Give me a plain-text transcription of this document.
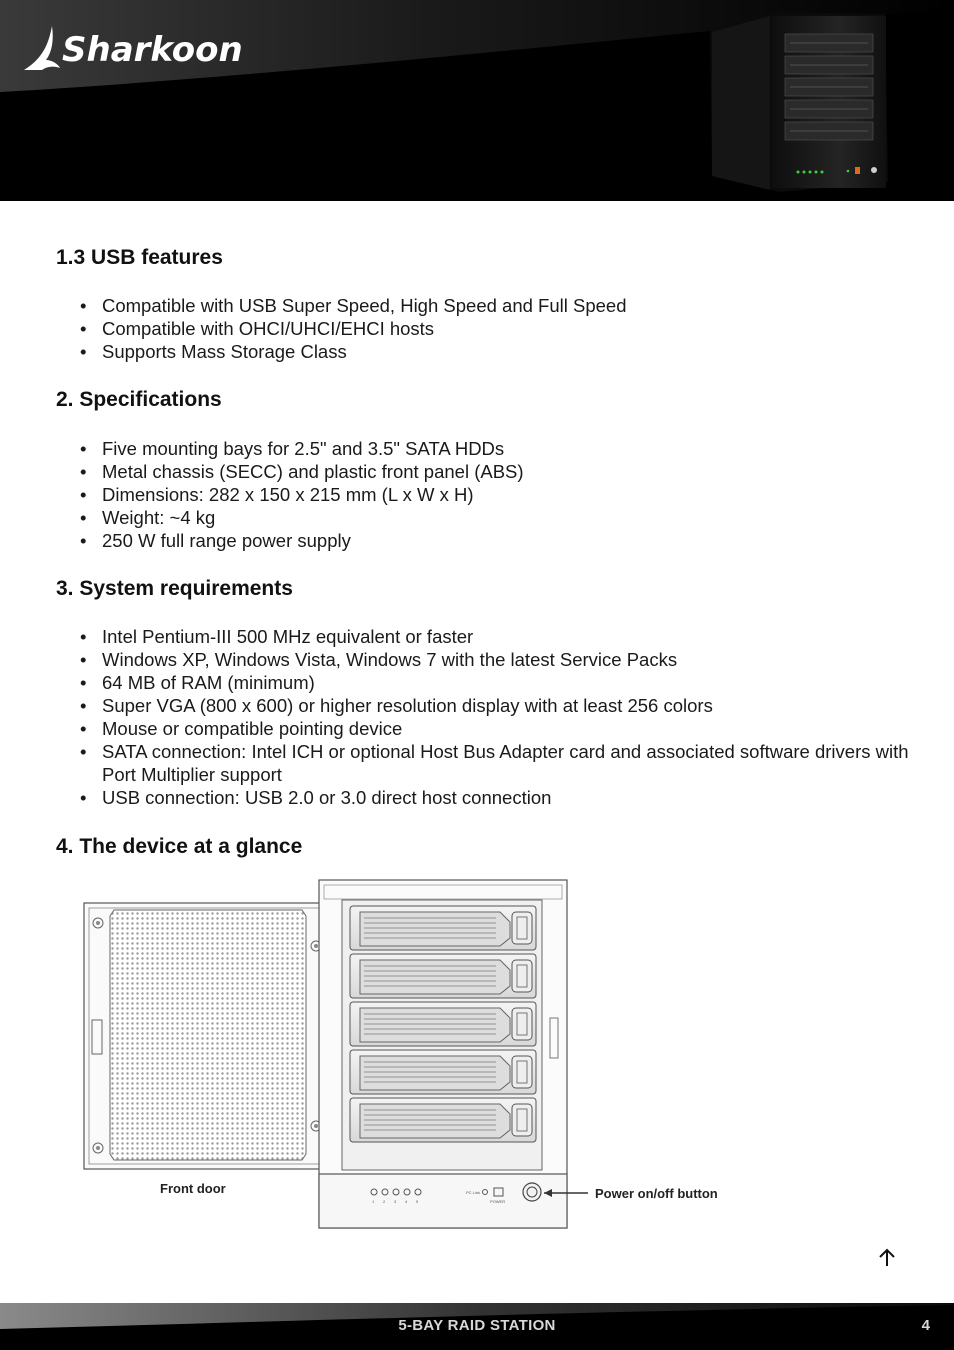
Sharkoon
1.3 USB features
• Compatible with USB Super Speed, High Speed and Full Speed
• Compatible with OHCI/UHCI/EHCI hosts
• Supports Mass Storage Class
2. Specifications
• Five mounting bays for 2.5" and 3.5" SATA HDDs
• Metal chassis (SECC) and plastic front panel (ABS)
• Dimensions: 282 x 150 x 215 mm (L x W x H)
• Weight: ~4 kg
• 250 W full range power supply
3. System requirements
• Intel Pentium-III 500 MHz equivalent or faster
• Windows XP, Windows Vista, Windows 7 with the latest Service Packs
• 64 MB of RAM (minimum)
• Super VGA (800 x 600) or higher resolution display with at least 256 colors
• Mouse or compatible pointing device
• SATA connection: Intel ICH or optional Host Bus Adapter card and associated software drivers with Port Multiplier support
• USB connection: USB 2.0 or 3.0 direct host connection
4. The device at a glance
Front door
1 2 3 4 5
PC Link
POWER
Power on/off button
5-BAY RAID STATION	4
